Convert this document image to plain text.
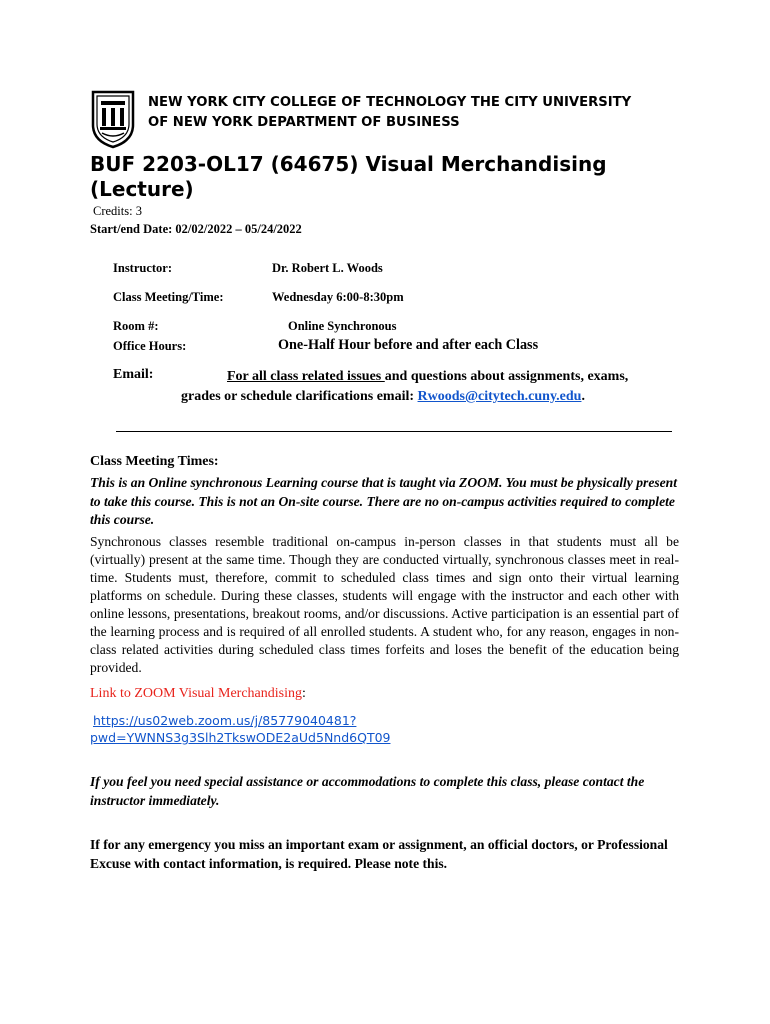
NEW YORK CITY COLLEGE OF TECHNOLOGY THE CITY UNIVERSITY
OF NEW YORK DEPARTMENT OF BUSINESS
BUF 2203-OL17 (64675) Visual Merchandising
(Lecture)
Credits: 3
Start/end Date: 02/02/2022 – 05/24/2022
Instructor:	Dr. Robert L. Woods
Class Meeting/Time:	Wednesday 6:00-8:30pm
Room #:	Online Synchronous
Office Hours:	One-Half Hour before and after each Class
Email:	For all class related issues and questions about assignments, exams,
grades or schedule clarifications email: Rwoods@citytech.cuny.edu.
Class Meeting Times:
This is an Online synchronous Learning course that is taught via ZOOM. You must be physically present to take this course. This is not an On-site course. There are no on-campus activities required to complete this course.
Synchronous classes resemble traditional on-campus in-person classes in that students must all be (virtually) present at the same time. Though they are conducted virtually, synchronous classes meet in real-time. Students must, therefore, commit to scheduled class times and sign onto their virtual learning platforms on schedule. During these classes, students will engage with the instructor and each other with online lessons, presentations, breakout rooms, and/or discussions. Active participation is an essential part of the learning process and is required of all enrolled students. A student who, for any reason, engages in non-class related activities during scheduled class times forfeits and loses the benefit of the education being provided.
Link to ZOOM Visual Merchandising:
https://us02web.zoom.us/j/85779040481?
pwd=YWNNS3g3Slh2TkswODE2aUd5Nnd6QT09
If you feel you need special assistance or accommodations to complete this class, please contact the instructor immediately.
If for any emergency you miss an important exam or assignment, an official doctors, or Professional Excuse with contact information, is required. Please note this.
